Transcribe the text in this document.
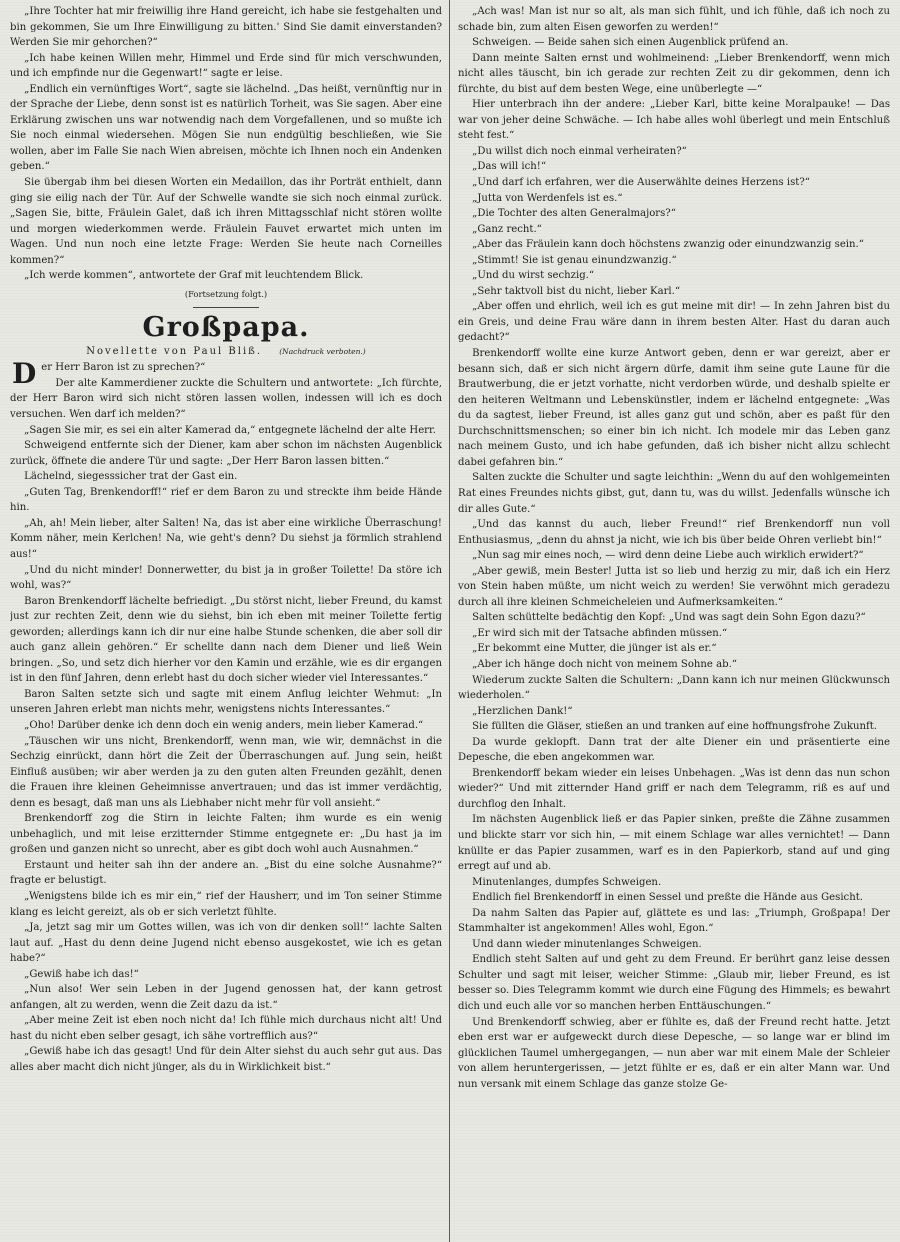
„Ihre Tochter hat mir freiwillig ihre Hand gereicht, ich habe sie festgehalten und bin gekommen, Sie um Ihre Einwilligung zu bitten.' Sind Sie damit einverstanden? Werden Sie mir gehorchen?“

„Ich habe keinen Willen mehr, Himmel und Erde sind für mich verschwunden, und ich empfinde nur die Gegenwart!“ sagte er leise.

„Endlich ein vernünftiges Wort“, sagte sie lächelnd. „Das heißt, vernünftig nur in der Sprache der Liebe, denn sonst ist es natürlich Torheit, was Sie sagen. Aber eine Erklärung zwischen uns war notwendig nach dem Vorgefallenen, und so mußte ich Sie noch einmal wiedersehen. Mögen Sie nun endgültig beschließen, wie Sie wollen, aber im Falle Sie nach Wien abreisen, möchte ich Ihnen noch ein Andenken geben.“

Sie übergab ihm bei diesen Worten ein Medaillon, das ihr Porträt enthielt, dann ging sie eilig nach der Tür. Auf der Schwelle wandte sie sich noch einmal zurück. „Sagen Sie, bitte, Fräulein Galet, daß ich ihren Mittagsschlaf nicht stören wollte und morgen wiederkommen werde. Fräulein Fauvet erwartet mich unten im Wagen. Und nun noch eine letzte Frage: Werden Sie heute nach Corneilles kommen?“

„Ich werde kommen“, antwortete der Graf mit leuchtendem Blick.

(Fortsetzung folgt.)

Großpapa.
Novellette von Paul Bliß. (Nachdruck verboten.)

Der Herr Baron ist zu sprechen?“

Der alte Kammerdiener zuckte die Schultern und antwortete: „Ich fürchte, der Herr Baron wird sich nicht stören lassen wollen, indessen will ich es doch versuchen. Wen darf ich melden?“

„Sagen Sie mir, es sei ein alter Kamerad da,“ entgegnete lächelnd der alte Herr.

Schweigend entfernte sich der Diener, kam aber schon im nächsten Augenblick zurück, öffnete die andere Tür und sagte: „Der Herr Baron lassen bitten.“

Lächelnd, siegesssicher trat der Gast ein.

„Guten Tag, Brenkendorff!“ rief er dem Baron zu und streckte ihm beide Hände hin.

„Ah, ah! Mein lieber, alter Salten! Na, das ist aber eine wirkliche Überraschung! Komm näher, mein Kerlchen! Na, wie geht's denn? Du siehst ja förmlich strahlend aus!“

„Und du nicht minder! Donnerwetter, du bist ja in großer Toilette! Da störe ich wohl, was?“

Baron Brenkendorff lächelte befriedigt. „Du störst nicht, lieber Freund, du kamst just zur rechten Zeit, denn wie du siehst, bin ich eben mit meiner Toilette fertig geworden; allerdings kann ich dir nur eine halbe Stunde schenken, die aber soll dir auch ganz allein gehören.“ Er schellte dann nach dem Diener und ließ Wein bringen. „So, und setz dich hierher vor den Kamin und erzähle, wie es dir ergangen ist in den fünf Jahren, denn erlebt hast du doch sicher wieder viel Interessantes.“

Baron Salten setzte sich und sagte mit einem Anflug leichter Wehmut: „In unseren Jahren erlebt man nichts mehr, wenigstens nichts Interessantes.“

„Oho! Darüber denke ich denn doch ein wenig anders, mein lieber Kamerad.“

„Täuschen wir uns nicht, Brenkendorff, wenn man, wie wir, demnächst in die Sechzig einrückt, dann hört die Zeit der Überraschungen auf. Jung sein, heißt Einfluß ausüben; wir aber werden ja zu den guten alten Freunden gezählt, denen die Frauen ihre kleinen Geheimnisse anvertrauen; und das ist immer verdächtig, denn es besagt, daß man uns als Liebhaber nicht mehr für voll ansieht.“

Brenkendorff zog die Stirn in leichte Falten; ihm wurde es ein wenig unbehaglich, und mit leise erzitternder Stimme entgegnete er: „Du hast ja im großen und ganzen nicht so unrecht, aber es gibt doch wohl auch Ausnahmen.“

Erstaunt und heiter sah ihn der andere an. „Bist du eine solche Ausnahme?“ fragte er belustigt.

„Wenigstens bilde ich es mir ein,“ rief der Hausherr, und im Ton seiner Stimme klang es leicht gereizt, als ob er sich verletzt fühlte.

„Ja, jetzt sag mir um Gottes willen, was ich von dir denken soll!“ lachte Salten laut auf. „Hast du denn deine Jugend nicht ebenso ausgekostet, wie ich es getan habe?“

„Gewiß habe ich das!“

„Nun also! Wer sein Leben in der Jugend genossen hat, der kann getrost anfangen, alt zu werden, wenn die Zeit dazu da ist.“

„Aber meine Zeit ist eben noch nicht da! Ich fühle mich durchaus nicht alt! Und hast du nicht eben selber gesagt, ich sähe vortrefflich aus?“

„Gewiß habe ich das gesagt! Und für dein Alter siehst du auch sehr gut aus. Das alles aber macht dich nicht jünger, als du in Wirklichkeit bist.“

„Ach was! Man ist nur so alt, als man sich fühlt, und ich fühle, daß ich noch zu schade bin, zum alten Eisen geworfen zu werden!“

Schweigen. — Beide sahen sich einen Augenblick prüfend an.

Dann meinte Salten ernst und wohlmeinend: „Lieber Brenkendorff, wenn mich nicht alles täuscht, bin ich gerade zur rechten Zeit zu dir gekommen, denn ich fürchte, du bist auf dem besten Wege, eine unüberlegte —“

Hier unterbrach ihn der andere: „Lieber Karl, bitte keine Moralpauke! — Das war von jeher deine Schwäche. — Ich habe alles wohl überlegt und mein Entschluß steht fest.“

„Du willst dich noch einmal verheiraten?“

„Das will ich!“

„Und darf ich erfahren, wer die Auserwählte deines Herzens ist?“

„Jutta von Werdenfels ist es.“

„Die Tochter des alten Generalmajors?“

„Ganz recht.“

„Aber das Fräulein kann doch höchstens zwanzig oder einundzwanzig sein.“

„Stimmt! Sie ist genau einundzwanzig.“

„Und du wirst sechzig.“

„Sehr taktvoll bist du nicht, lieber Karl.“

„Aber offen und ehrlich, weil ich es gut meine mit dir! — In zehn Jahren bist du ein Greis, und deine Frau wäre dann in ihrem besten Alter. Hast du daran auch gedacht?“

Brenkendorff wollte eine kurze Antwort geben, denn er war gereizt, aber er besann sich, daß er sich nicht ärgern dürfe, damit ihm seine gute Laune für die Brautwerbung, die er jetzt vorhatte, nicht verdorben würde, und deshalb spielte er den heiteren Weltmann und Lebenskünstler, indem er lächelnd entgegnete: „Was du da sagtest, lieber Freund, ist alles ganz gut und schön, aber es paßt für den Durchschnittsmenschen; so einer bin ich nicht. Ich modele mir das Leben ganz nach meinem Gusto, und ich habe gefunden, daß ich bisher nicht allzu schlecht dabei gefahren bin.“

Salten zuckte die Schulter und sagte leichthin: „Wenn du auf den wohlgemeinten Rat eines Freundes nichts gibst, gut, dann tu, was du willst. Jedenfalls wünsche ich dir alles Gute.“

„Und das kannst du auch, lieber Freund!“ rief Brenkendorff nun voll Enthusiasmus, „denn du ahnst ja nicht, wie ich bis über beide Ohren verliebt bin!“

„Nun sag mir eines noch, — wird denn deine Liebe auch wirklich erwidert?“

„Aber gewiß, mein Bester! Jutta ist so lieb und herzig zu mir, daß ich ein Herz von Stein haben müßte, um nicht weich zu werden! Sie verwöhnt mich geradezu durch all ihre kleinen Schmeicheleien und Aufmerksamkeiten.“

Salten schüttelte bedächtig den Kopf: „Und was sagt dein Sohn Egon dazu?“

„Er wird sich mit der Tatsache abfinden müssen.“

„Er bekommt eine Mutter, die jünger ist als er.“

„Aber ich hänge doch nicht von meinem Sohne ab.“

Wiederum zuckte Salten die Schultern: „Dann kann ich nur meinen Glückwunsch wiederholen.“

„Herzlichen Dank!“

Sie füllten die Gläser, stießen an und tranken auf eine hoffnungsfrohe Zukunft.

Da wurde geklopft. Dann trat der alte Diener ein und präsentierte eine Depesche, die eben angekommen war.

Brenkendorff bekam wieder ein leises Unbehagen. „Was ist denn das nun schon wieder?“ Und mit zitternder Hand griff er nach dem Telegramm, riß es auf und durchflog den Inhalt.

Im nächsten Augenblick ließ er das Papier sinken, preßte die Zähne zusammen und blickte starr vor sich hin, — mit einem Schlage war alles vernichtet! — Dann knüllte er das Papier zusammen, warf es in den Papierkorb, stand auf und ging erregt auf und ab.

Minutenlanges, dumpfes Schweigen.

Endlich fiel Brenkendorff in einen Sessel und preßte die Hände aus Gesicht.

Da nahm Salten das Papier auf, glättete es und las: „Triumph, Großpapa! Der Stammhalter ist angekommen! Alles wohl, Egon.“

Und dann wieder minutenlanges Schweigen.

Endlich steht Salten auf und geht zu dem Freund. Er berührt ganz leise dessen Schulter und sagt mit leiser, weicher Stimme: „Glaub mir, lieber Freund, es ist besser so. Dies Telegramm kommt wie durch eine Fügung des Himmels; es bewahrt dich und euch alle vor so manchen herben Enttäuschungen.“

Und Brenkendorff schwieg, aber er fühlte es, daß der Freund recht hatte. Jetzt eben erst war er aufgeweckt durch diese Depesche, — so lange war er blind im glücklichen Taumel umhergegangen, — nun aber war mit einem Male der Schleier von allem heruntergerissen, — jetzt fühlte er es, daß er ein alter Mann war. Und nun versank mit einem Schlage das ganze stolze Ge-
